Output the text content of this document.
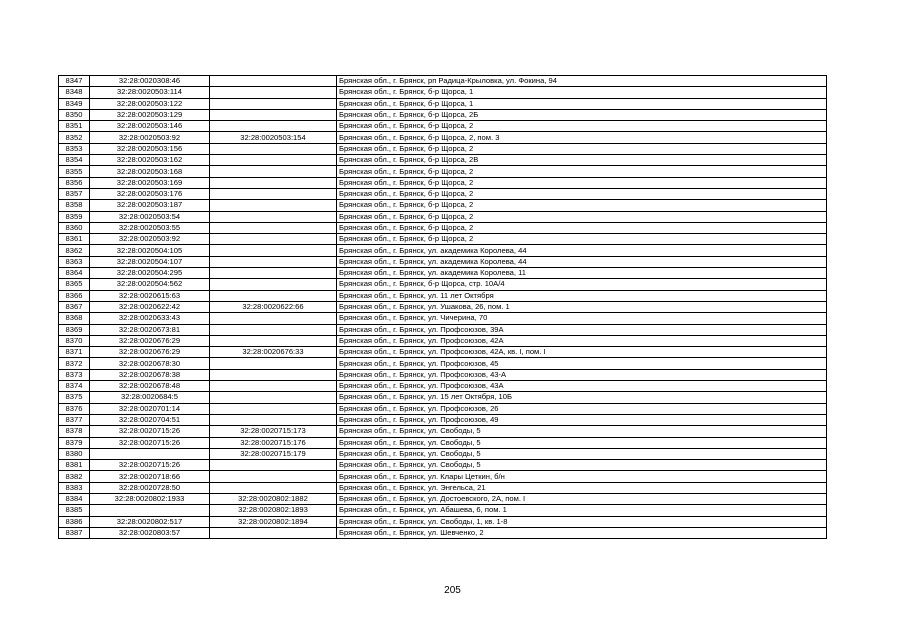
8347	32:28:0020308:46		Брянская обл., г. Брянск, рп Радица-Крыловка, ул. Фокина, 94
8348	32:28:0020503:114		Брянская обл., г. Брянск, б-р Щорса, 1
8349	32:28:0020503:122		Брянская обл., г. Брянск, б-р Щорса, 1
8350	32:28:0020503:129		Брянская обл., г. Брянск, б-р Щорса, 2Б
8351	32:28:0020503:146		Брянская обл., г. Брянск, б-р Щорса, 2
8352	32:28:0020503:92	32:28:0020503:154	Брянская обл., г. Брянск, б-р Щорса, 2, пом. 3
8353	32:28:0020503:156		Брянская обл., г. Брянск, б-р Щорса, 2
8354	32:28:0020503:162		Брянская обл., г. Брянск, б-р Щорса, 2В
8355	32:28:0020503:168		Брянская обл., г. Брянск, б-р Щорса, 2
8356	32:28:0020503:169		Брянская обл., г. Брянск, б-р Щорса, 2
8357	32:28:0020503:176		Брянская обл., г. Брянск, б-р Щорса, 2
8358	32:28:0020503:187		Брянская обл., г. Брянск, б-р Щорса, 2
8359	32:28:0020503:54		Брянская обл., г. Брянск, б-р Щорса, 2
8360	32:28:0020503:55		Брянская обл., г. Брянск, б-р Щорса, 2
8361	32:28:0020503:92		Брянская обл., г. Брянск, б-р Щорса, 2
8362	32:28:0020504:105		Брянская обл., г. Брянск, ул. академика Королева, 44
8363	32:28:0020504:107		Брянская обл., г. Брянск, ул. академика Королева, 44
8364	32:28:0020504:295		Брянская обл., г. Брянск, ул. академика Королева, 11
8365	32:28:0020504:562		Брянская обл., г. Брянск, б-р Щорса, стр. 10А/4
8366	32:28:0020615:63		Брянская обл., г. Брянск, ул. 11 лет Октября
8367	32:28:0020622:42	32:28:0020622:66	Брянская обл., г. Брянск, ул. Ушакова, 26, пом. 1
8368	32:28:0020633:43		Брянская обл., г. Брянск, ул. Чичерина, 70
8369	32:28:0020673:81		Брянская обл., г. Брянск, ул. Профсоюзов, 39А
8370	32:28:0020676:29		Брянская обл., г. Брянск, ул. Профсоюзов, 42А
8371	32:28:0020676:29	32:28:0020676:33	Брянская обл., г. Брянск, ул. Профсоюзов, 42А, кв. I, пом. I
8372	32:28:0020678:30		Брянская обл., г. Брянск, ул. Профсоюзов, 45
8373	32:28:0020678:38		Брянская обл., г. Брянск, ул. Профсоюзов, 43-А
8374	32:28:0020678:48		Брянская обл., г. Брянск, ул. Профсоюзов, 43А
8375	32:28:0020684:5		Брянская обл., г. Брянск, ул. 15 лет Октября, 10Б
8376	32:28:0020701:14		Брянская обл., г. Брянск, ул. Профсоюзов, 26
8377	32:28:0020704:51		Брянская обл., г. Брянск, ул. Профсоюзов, 49
8378	32:28:0020715:26	32:28:0020715:173	Брянская обл., г. Брянск, ул. Свободы, 5
8379	32:28:0020715:26	32:28:0020715:176	Брянская обл., г. Брянск, ул. Свободы, 5
8380		32:28:0020715:179	Брянская обл., г. Брянск, ул. Свободы, 5
8381	32:28:0020715:26		Брянская обл., г. Брянск, ул. Свободы, 5
8382	32:28:0020718:66		Брянская обл., г. Брянск, ул. Клары Цеткин, б/н
8383	32:28:0020728:50		Брянская обл., г. Брянск, ул. Энгельса, 21
8384	32:28:0020802:1933	32:28:0020802:1882	Брянская обл., г. Брянск, ул. Достоевского, 2А, пом. I
8385		32:28:0020802:1893	Брянская обл., г. Брянск, ул. Абашева, 6, пом. 1
8386	32:28:0020802:517	32:28:0020802:1894	Брянская обл., г. Брянск, ул. Свободы, 1, кв. 1-8
8387	32:28:0020803:57		Брянская обл., г. Брянск, ул. Шевченко, 2
205
